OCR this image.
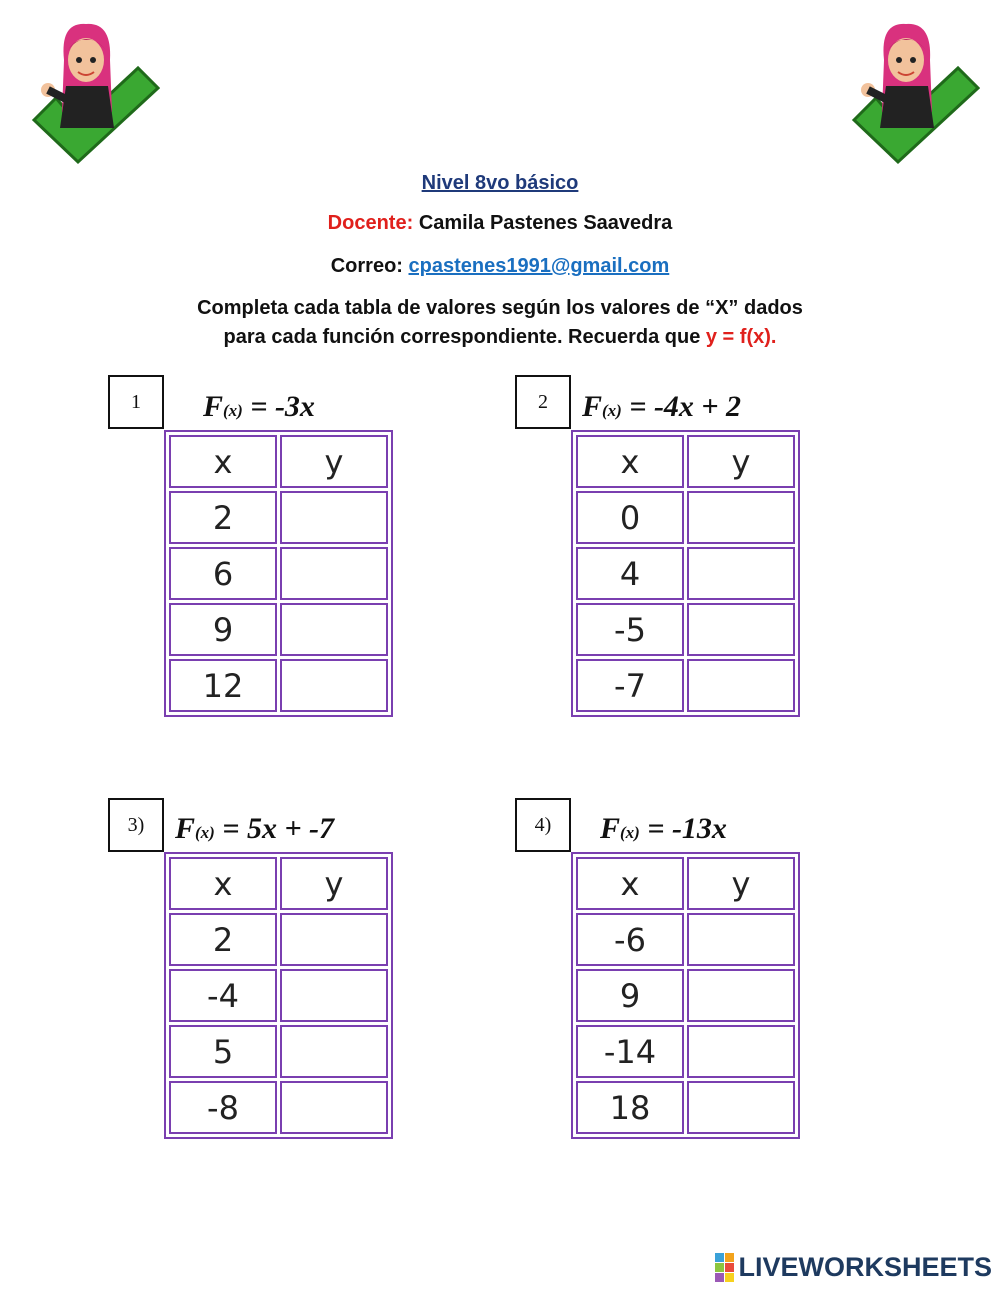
Nivel 8vo básico
Docente: Camila Pastenes Saavedra
Correo: cpastenes1991@gmail.com
Completa cada tabla de valores según los valores de “X” dados
para cada función correspondiente. Recuerda que y = f(x).
1	F(x) = -3x
x	y
2	
6	
9	
12	
2	F(x) = -4x + 2
x	y
0	
4	
-5	
-7	
3)	F(x) = 5x + -7
x	y
2	
-4	
5	
-8	
4)	F(x) = -13x
x	y
-6	
9	
-14	
18	
LIVEWORKSHEETS
